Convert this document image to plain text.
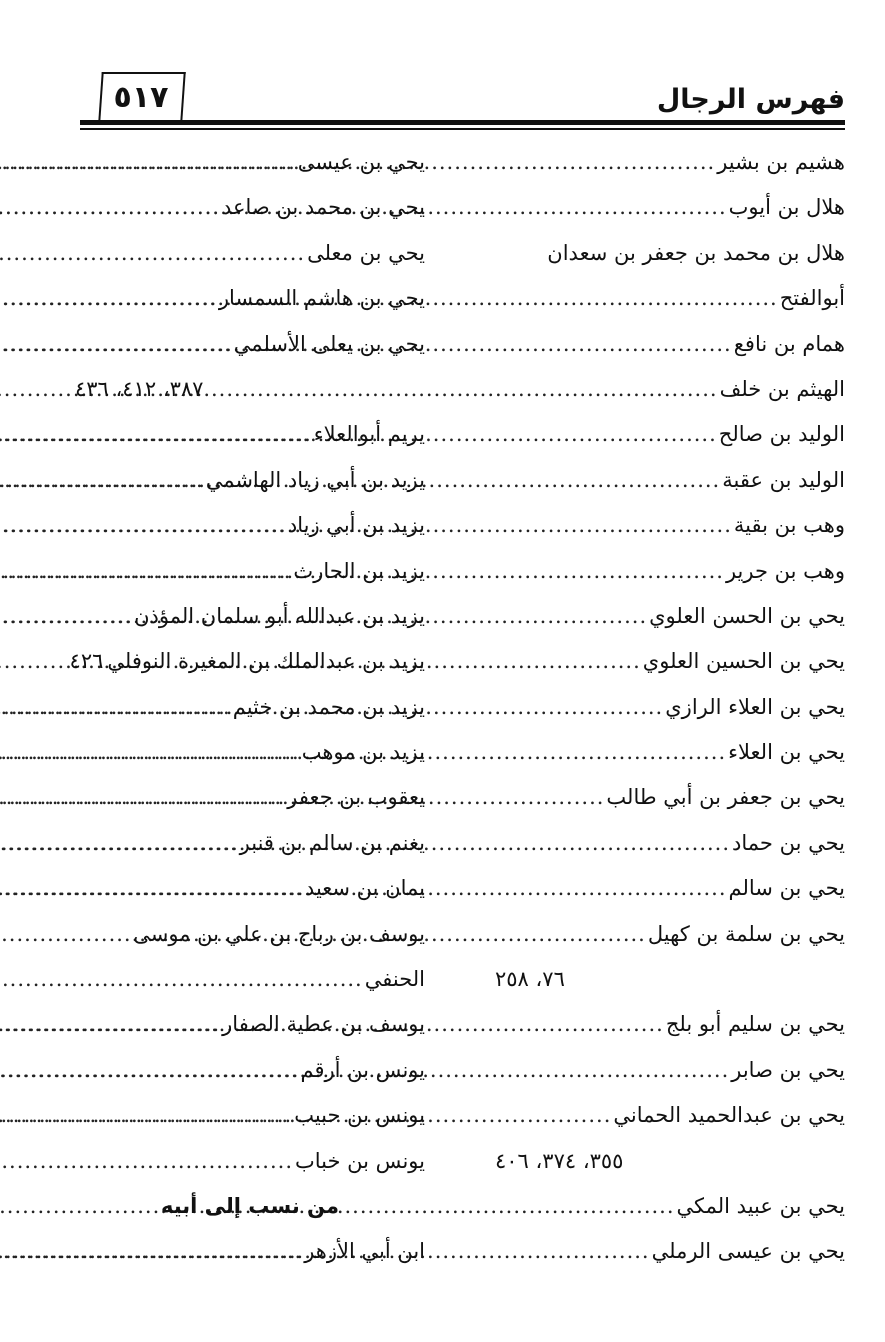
فهرس الرجال
٥١٧
هشيم بن بشير
.....
هلال بن أيوب
.....
هلال بن محمد بن جعفر بن سعدان
أبوالفتح
.....
همام بن نافع
.....
الهيثم بن خلف
.....
الوليد بن صالح
.....
الوليد بن عقبة
.....
وهب بن بقية
.....
وهب بن جرير
.....
يحي بن الحسن العلوي
.....
يحي بن الحسين العلوي
.....
يحي بن العلاء الرازي
.....
يحي بن العلاء
.....
يحي بن جعفر بن أبي طالب
.....
يحي بن حماد
.....
يحي بن سالم
.....
يحي بن سلمة بن كهيل
.....
٧٦، ٢٥٨
يحي بن سليم أبو بلج
.....
يحي بن صابر
.....
يحي بن عبدالحميد الحماني
.....
٣٥٥، ٣٧٤، ٤٠٦
يحي بن عبيد المكي
.....
يحي بن عيسى الرملي
.....
يحي بن عيسى
.....
يحي بن محمد بن صاعد
.....
يحي بن معلى
.....
يحي بن هاشم السمسار
.....
يحي بن يعلى الأسلمي
.....
٣٨٧، ٤١٢، ٤٣٦
يريم أبوالعلاء
.....
يزيد بن أبي زياد الهاشمي
.....
يزيد بن أبي زياد
.....
يزيد بن الحارث
.....
يزيد بن عبدالله أبو سلمان المؤذن
.....
يزيد بن عبدالملك بن المغيرة النوفلي
٤٢٦
يزيد بن محمد بن خثيم
.....
يزيد بن موهب
.....
يعقوب بن جعفر
.....
يغنم بن سالم بن قنبر
.....
يمان بن سعيد
.....
يوسف بن رباح بن علي بن موسى
الحنفي
.....
يوسف بن عطية الصفار
.....
يونس بن أرقم
.....
يونس بن حبيب
.....
يونس بن خباب
.....
من نسب إلى أبيه
ابن أبي الأزهر
.....
